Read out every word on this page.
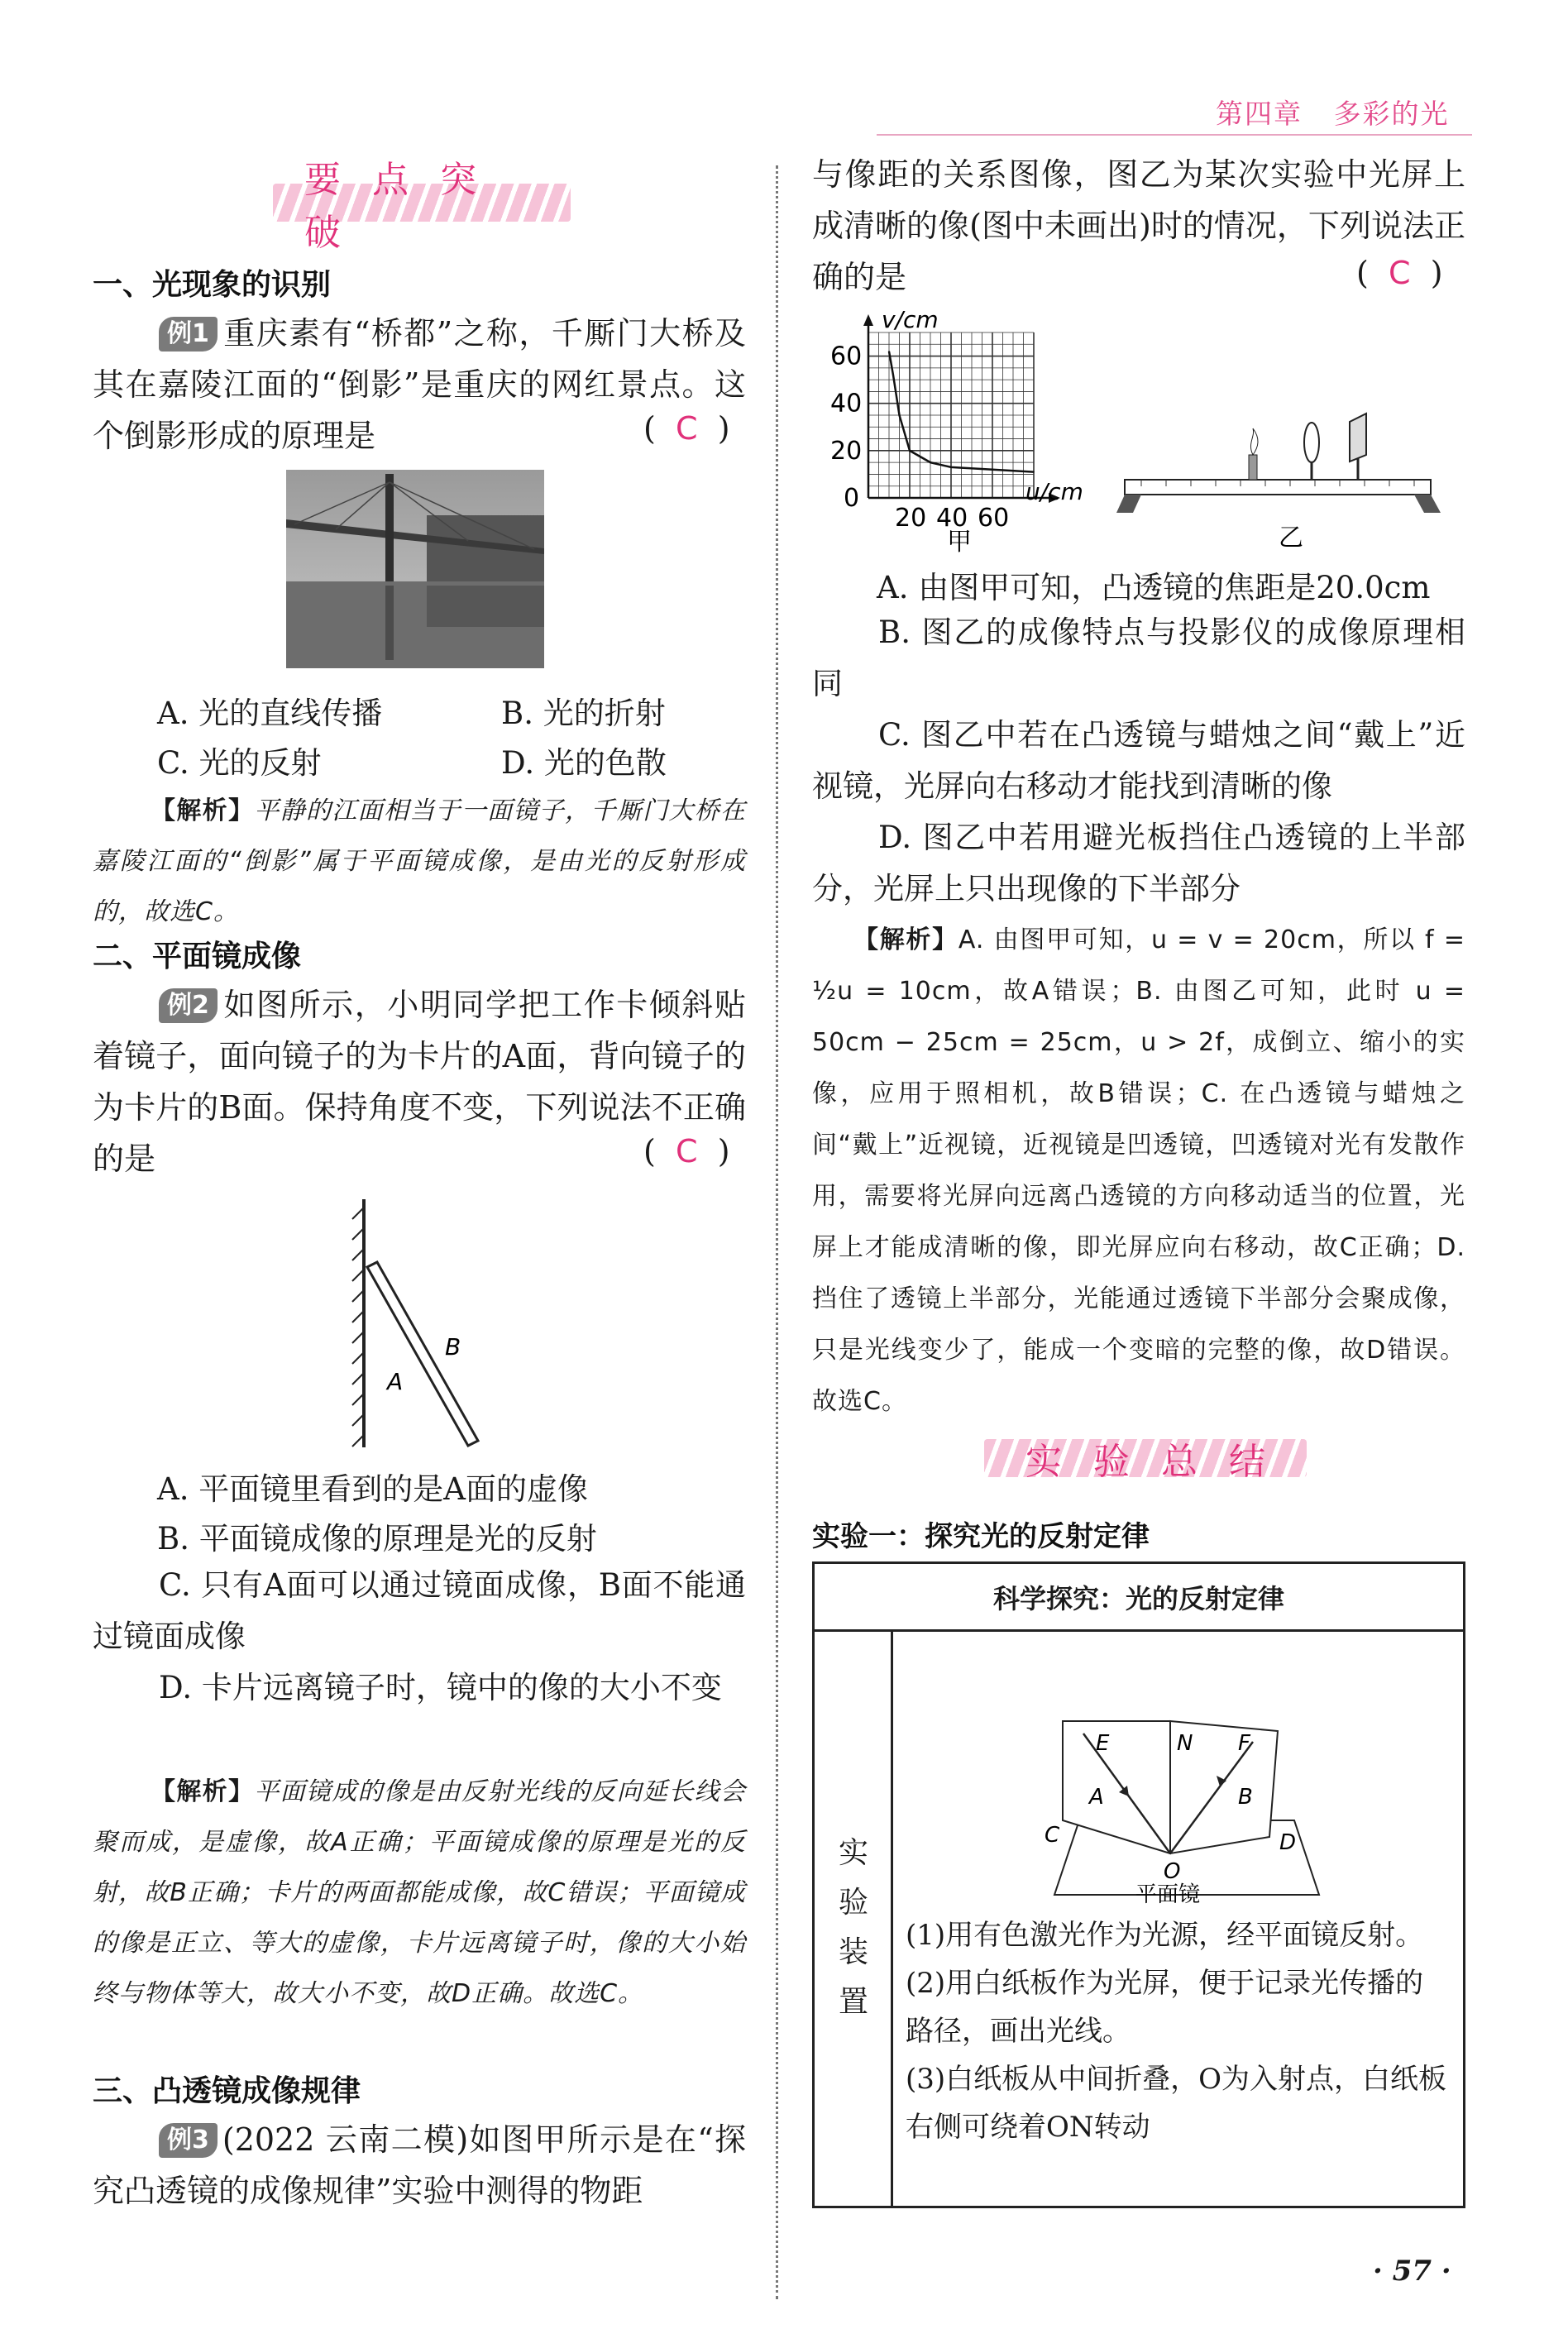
第四章 多彩的光
要点突破
一、光现象的识别
例1 重庆素有“桥都”之称，千厮门大桥及其在嘉陵江面的“倒影”是重庆的网红景点。这个倒影形成的原理是	(  C  )
A. 光的直线传播	B. 光的折射
C. 光的反射	D. 光的色散
【解析】平静的江面相当于一面镜子，千厮门大桥在嘉陵江面的“倒影”属于平面镜成像，是由光的反射形成的，故选C。
二、平面镜成像
例2 如图所示，小明同学把工作卡倾斜贴着镜子，面向镜子的为卡片的A面，背向镜子的为卡片的B面。保持角度不变，下列说法不正确的是	(  C  )
A
B
A. 平面镜里看到的是A面的虚像
B. 平面镜成像的原理是光的反射
C. 只有A面可以通过镜面成像，B面不能通过镜面成像
D. 卡片远离镜子时，镜中的像的大小不变
【解析】平面镜成的像是由反射光线的反向延长线会聚而成，是虚像，故A正确；平面镜成像的原理是光的反射，故B正确；卡片的两面都能成像，故C错误；平面镜成的像是正立、等大的虚像，卡片远离镜子时，像的大小始终与物体等大，故大小不变，故D正确。故选C。
三、凸透镜成像规律
例3 (2022 云南二模)如图甲所示是在“探究凸透镜的成像规律”实验中测得的物距
与像距的关系图像，图乙为某次实验中光屏上成清晰的像(图中未画出)时的情况，下列说法正确的是	(  C  )
v/cm
u/cm
0
20 40 60
20
40
60
甲	乙
A. 由图甲可知，凸透镜的焦距是20.0cm
B. 图乙的成像特点与投影仪的成像原理相同
C. 图乙中若在凸透镜与蜡烛之间“戴上”近视镜，光屏向右移动才能找到清晰的像
D. 图乙中若用避光板挡住凸透镜的上半部分，光屏上只出现像的下半部分
【解析】A. 由图甲可知，u = v = 20cm，所以 f = ½u = 10cm，故A错误；B. 由图乙可知，此时 u = 50cm − 25cm = 25cm，u > 2f，成倒立、缩小的实像，应用于照相机，故B错误；C. 在凸透镜与蜡烛之间“戴上”近视镜，近视镜是凹透镜，凹透镜对光有发散作用，需要将光屏向远离凸透镜的方向移动适当的位置，光屏上才能成清晰的像，即光屏应向右移动，故C正确；D. 挡住了透镜上半部分，光能通过透镜下半部分会聚成像，只是光线变少了，能成一个变暗的完整的像，故D错误。故选C。
实验总结
实验一：探究光的反射定律
科学探究：光的反射定律
实验装置
E	N F
A	B
C
O
D
平面镜
(1)用有色激光作为光源，经平面镜反射。
(2)用白纸板作为光屏，便于记录光传播的路径，画出光线。
(3)白纸板从中间折叠，O为入射点，白纸板右侧可绕着ON转动
· 57 ·
